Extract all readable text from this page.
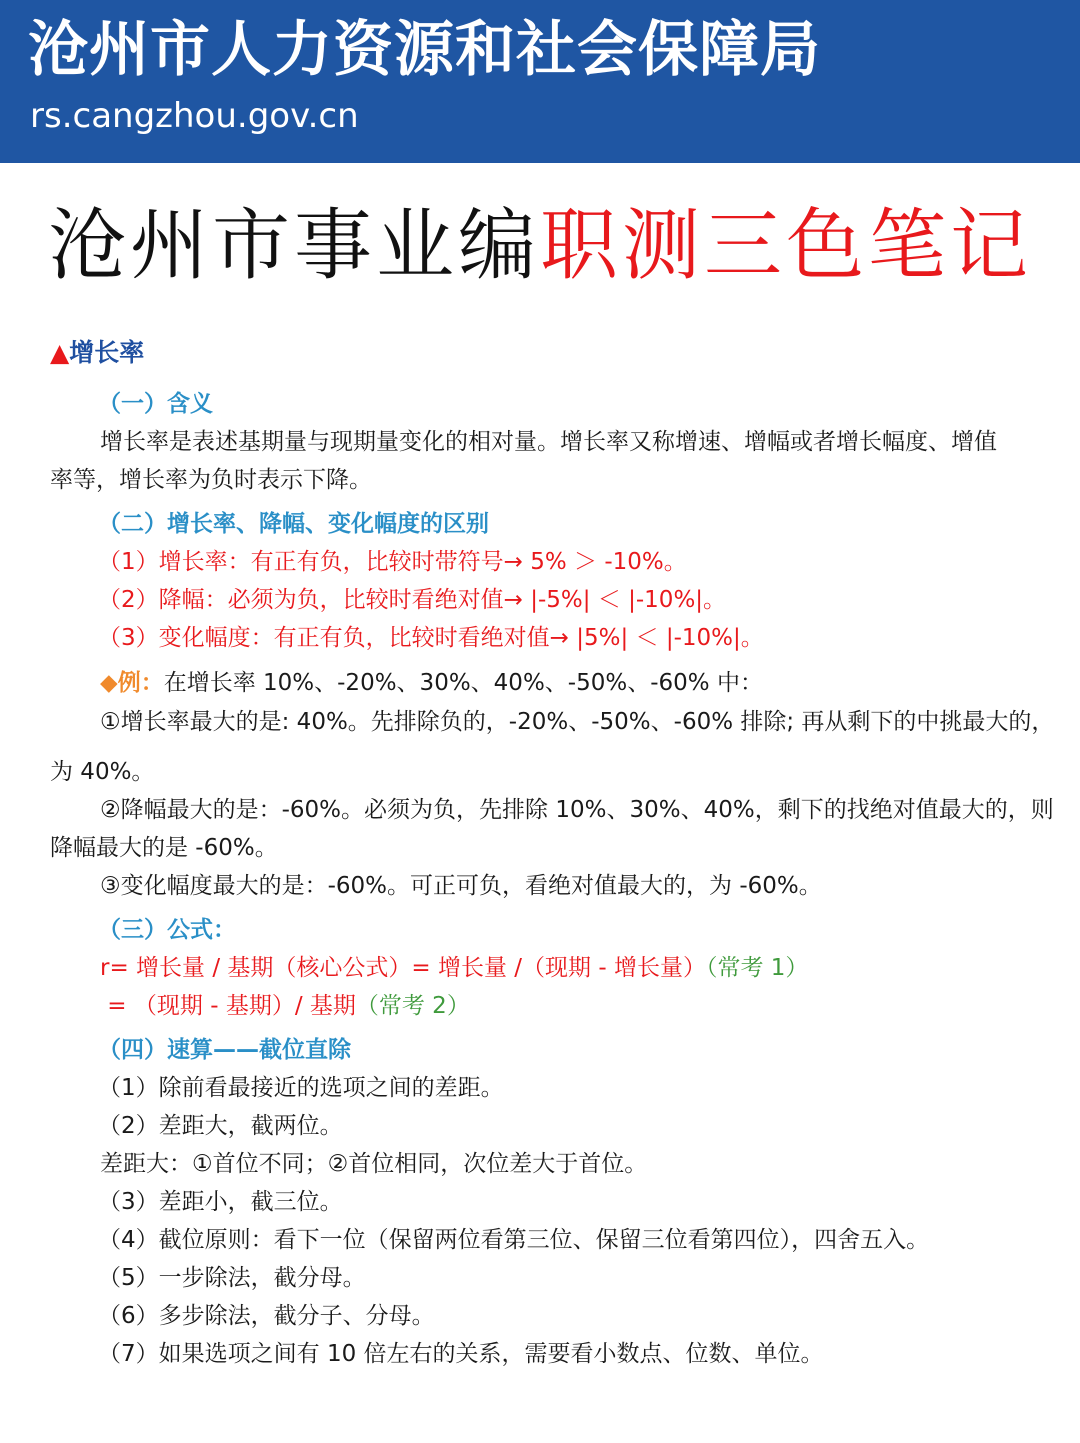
沧州市人力资源和社会保障局
rs.cangzhou.gov.cn
沧州市事业编职测三色笔记
▲增长率
（一）含义
增长率是表述基期量与现期量变化的相对量。增长率又称增速、增幅或者增长幅度、增值
率等，增长率为负时表示下降。
（二）增长率、降幅、变化幅度的区别
（1）增长率：有正有负，比较时带符号→ 5% ＞ -10%。
（2）降幅：必须为负，比较时看绝对值→ |-5%| ＜ |-10%|。
（3）变化幅度：有正有负，比较时看绝对值→ |5%| ＜ |-10%|。
◆例：在增长率 10%、-20%、30%、40%、-50%、-60% 中：
①增长率最大的是: 40%。先排除负的，-20%、-50%、-60% 排除; 再从剩下的中挑最大的，
为 40%。
②降幅最大的是：-60%。必须为负，先排除 10%、30%、40%，剩下的找绝对值最大的，则
降幅最大的是 -60%。
③变化幅度最大的是：-60%。可正可负，看绝对值最大的，为 -60%。
（三）公式：
r= 增长量 / 基期（核心公式）= 增长量 /（现期 - 增长量）（常考 1）
= （现期 - 基期）/ 基期（常考 2）
（四）速算——截位直除
（1）除前看最接近的选项之间的差距。
（2）差距大，截两位。
差距大：①首位不同；②首位相同，次位差大于首位。
（3）差距小，截三位。
（4）截位原则：看下一位（保留两位看第三位、保留三位看第四位），四舍五入。
（5）一步除法，截分母。
（6）多步除法，截分子、分母。
（7）如果选项之间有 10 倍左右的关系，需要看小数点、位数、单位。
